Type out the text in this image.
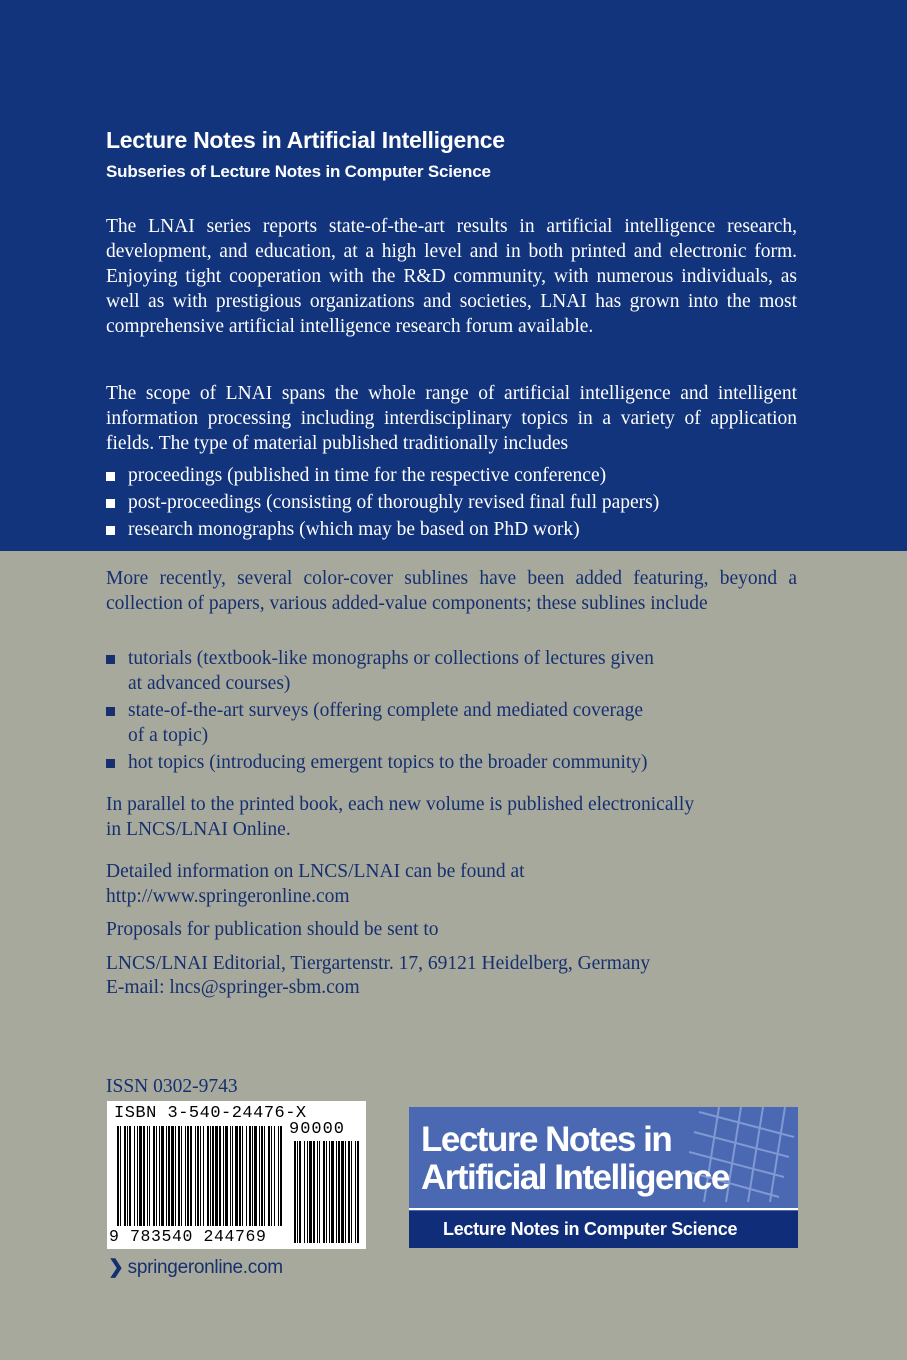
Lecture Notes in Artificial Intelligence
Subseries of Lecture Notes in Computer Science

The LNAI series reports state-of-the-art results in artificial intelligence research, development, and education, at a high level and in both printed and electronic form. Enjoying tight cooperation with the R&D community, with numerous individuals, as well as with prestigious organizations and societies, LNAI has grown into the most comprehensive artificial intelligence research forum available.

The scope of LNAI spans the whole range of artificial intelligence and intelligent information processing including interdisciplinary topics in a variety of application fields. The type of material published traditionally includes

proceedings (published in time for the respective conference)
post-proceedings (consisting of thoroughly revised final full papers)
research monographs (which may be based on PhD work)

More recently, several color-cover sublines have been added featuring, beyond a collection of papers, various added-value components; these sublines include

tutorials (textbook-like monographs or collections of lectures given
at advanced courses)
state-of-the-art surveys (offering complete and mediated coverage
of a topic)
hot topics (introducing emergent topics to the broader community)

In parallel to the printed book, each new volume is published electronically

in LNCS/LNAI Online.

Detailed information on LNCS/LNAI can be found at

http://www.springeronline.com

Proposals for publication should be sent to

LNCS/LNAI Editorial, Tiergartenstr. 17, 69121 Heidelberg, Germany

E-mail: lncs@springer-sbm.com

ISSN 0302-9743

ISBN 3-540-24476-X
90000
9 783540 244769
Lecture Notes in
Artificial Intelligence
Lecture Notes in Computer Science
❯ springeronline.com
